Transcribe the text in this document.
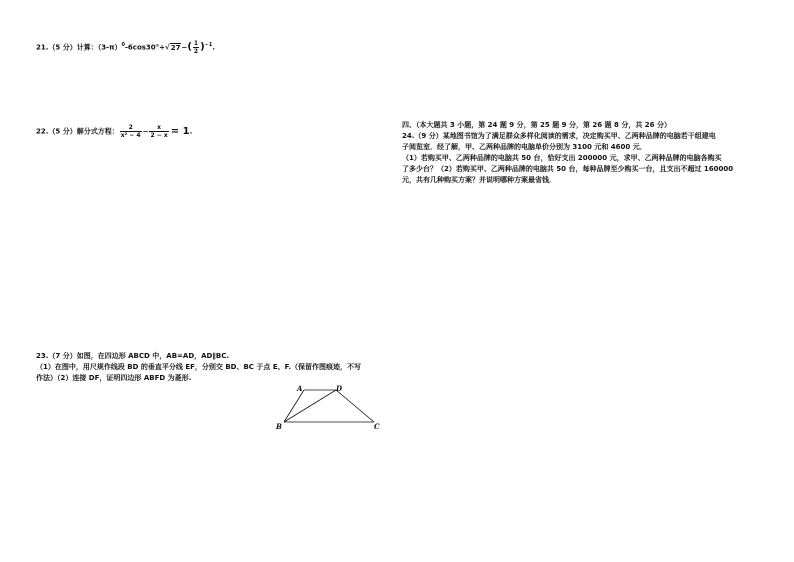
21.（5 分）计算：$(3-\pi)^0-6\cos 30^\circ+√27-( \frac{1}{2} )^{-1}$.
22.（5 分）解分式方程： $\frac{2}{\text{x² − 4}} - \frac{x}{2 - x} = 1$.
23.（7 分）如图，在四边形 ABCD 中，AB=AD，AD∥BC.
（1）在图中，用尺规作线段 BD 的垂直平分线 EF，分别交 BD、BC 于点 E、F.（保留作图痕迹，不写
作法）（2）连接 DF，证明四边形 ABFD 为菱形.
A	D
B	C
四、（本大题共 3 小题，第 24 题 9 分，第 25 题 9 分，第 26 题 8 分，共 26 分）
24.（9 分）某地图书馆为了满足群众多样化阅读的需求，决定购买甲、乙两种品牌的电脑若干组建电
子阅览室．经了解，甲、乙两种品牌的电脑单价分别为 3100 元和 4600 元．
（1）若购买甲、乙两种品牌的电脑共 50 台，恰好支出 200000 元，求甲、乙两种品牌的电脑各购买
了多少台？（2）若购买甲、乙两种品牌的电脑共 50 台，每种品牌至少购买一台，且支出不超过 160000
元，共有几种购买方案？并说明哪种方案最省钱．
